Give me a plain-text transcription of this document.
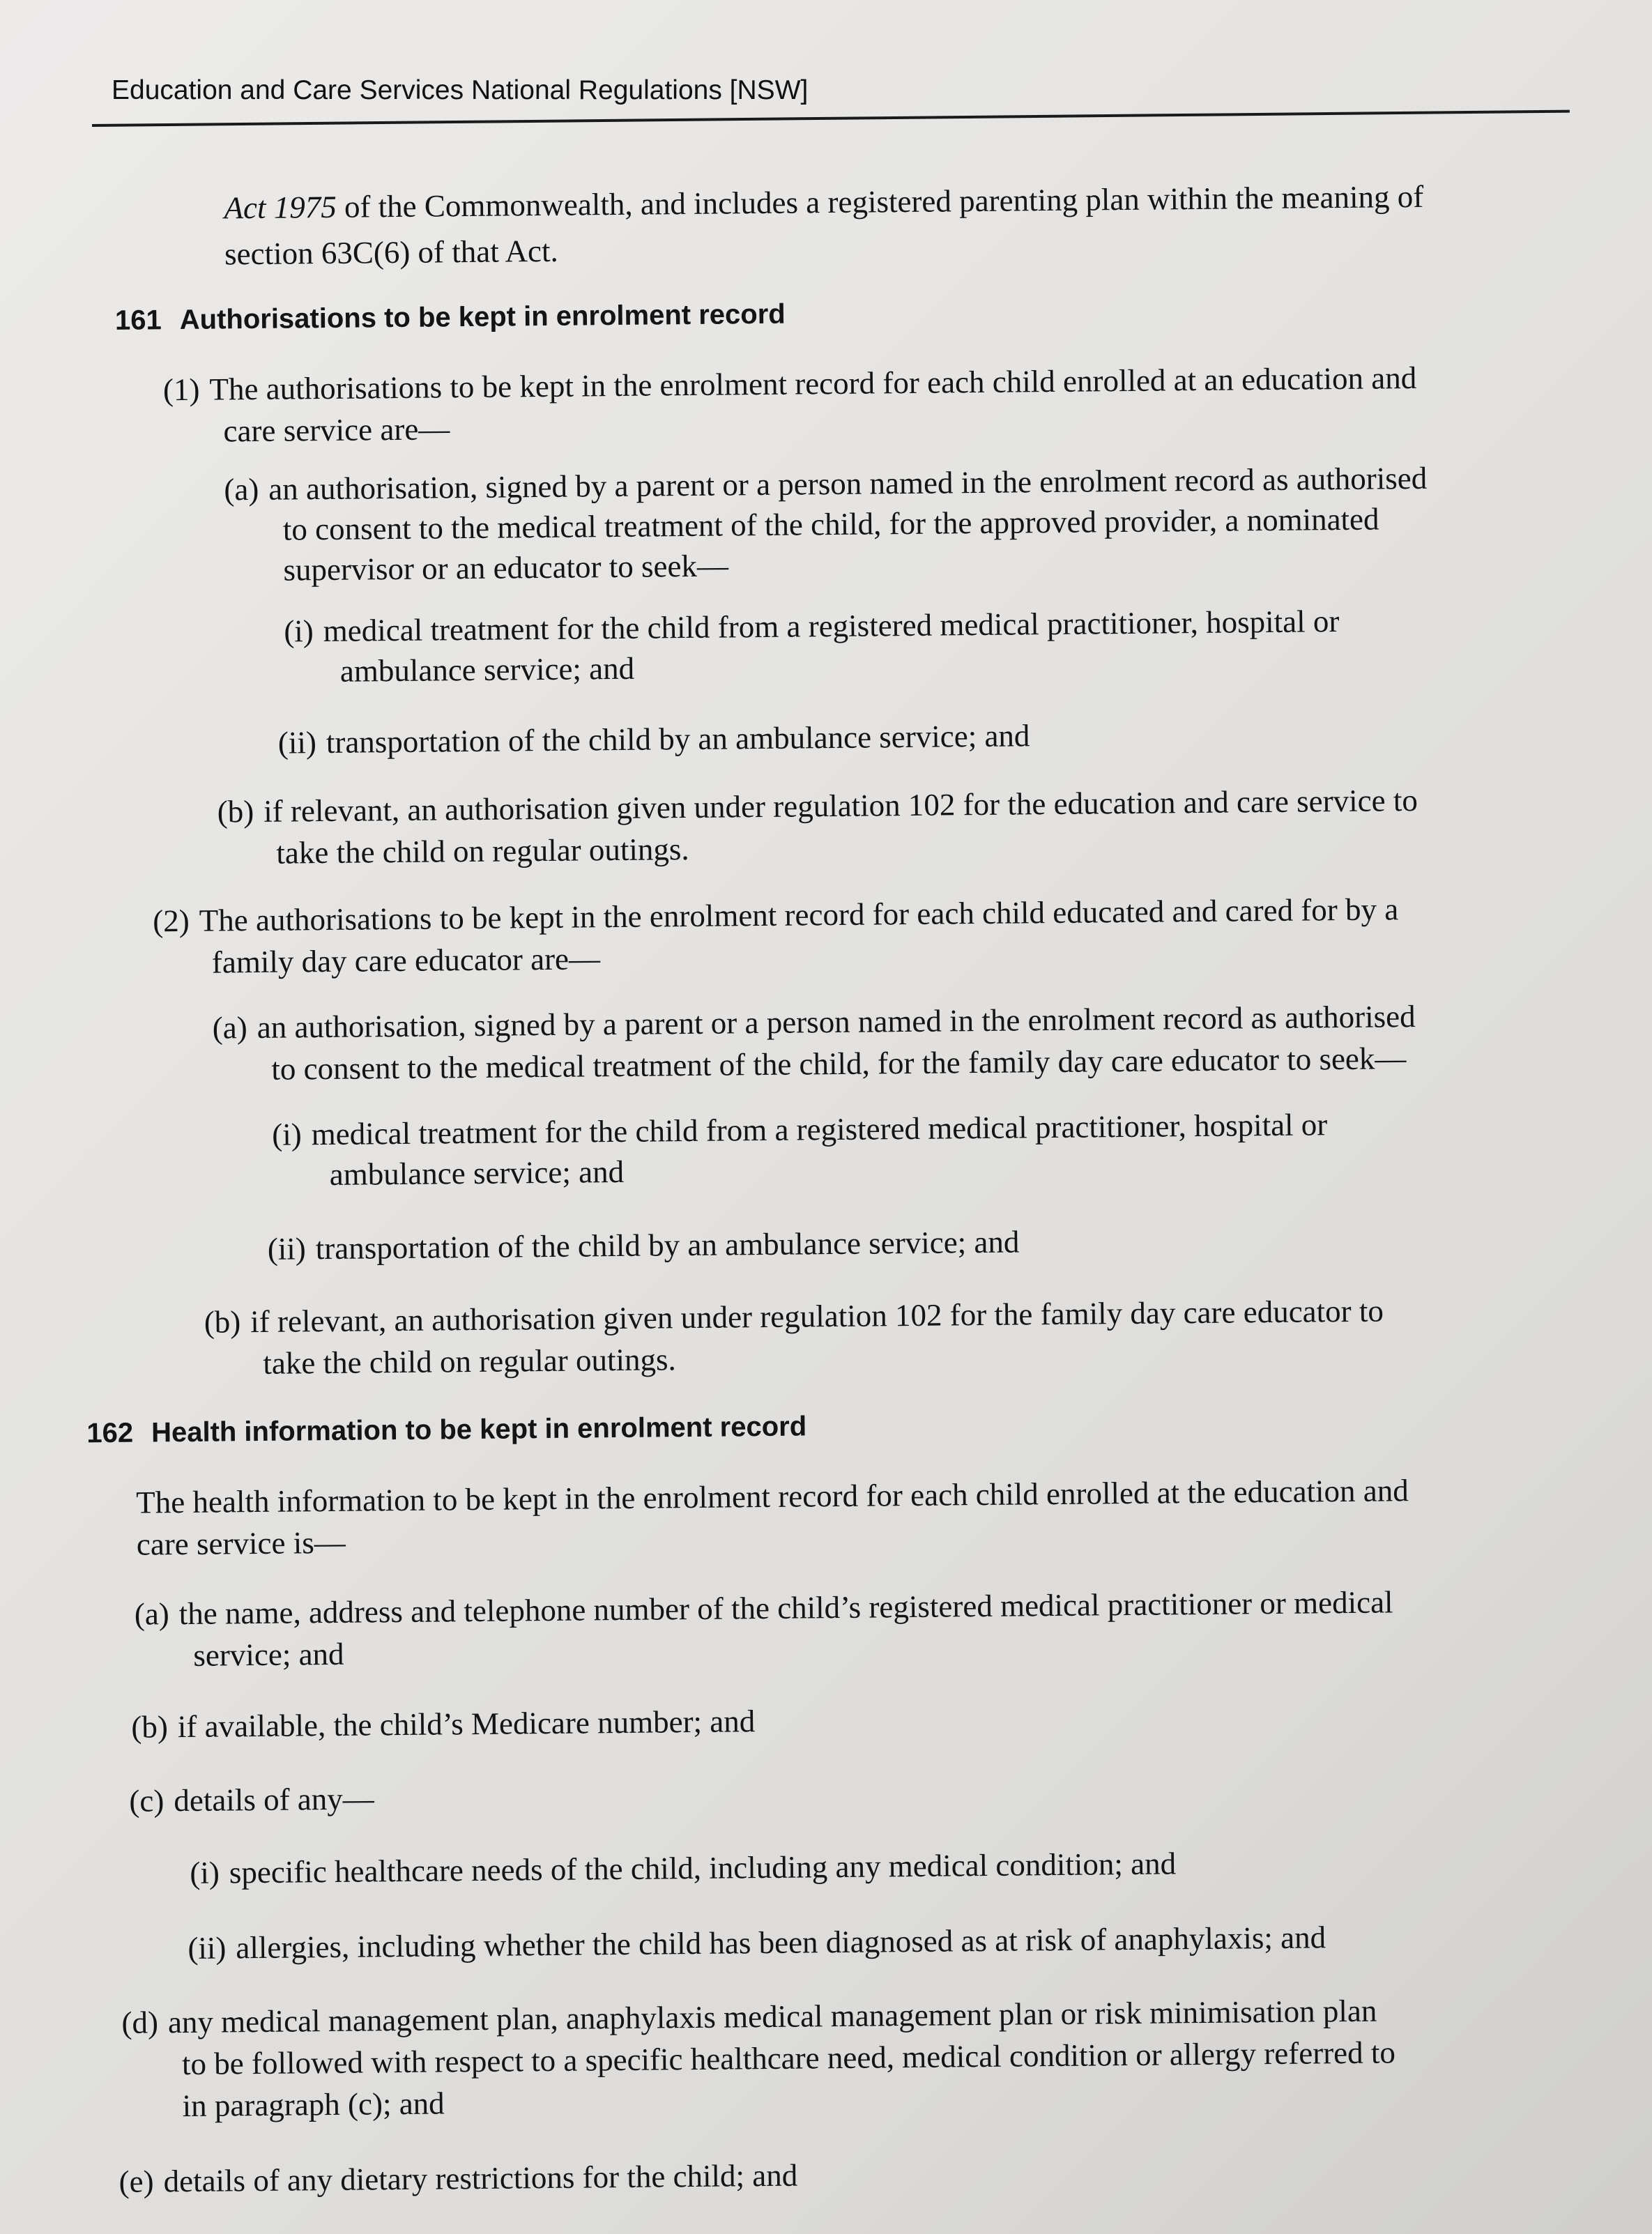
Education and Care Services National Regulations [NSW]
Act 1975 of the Commonwealth, and includes a registered parenting plan within the meaning of
section 63C(6) of that Act.
161 Authorisations to be kept in enrolment record
(1) The authorisations to be kept in the enrolment record for each child enrolled at an education and
care service are—
(a) an authorisation, signed by a parent or a person named in the enrolment record as authorised
to consent to the medical treatment of the child, for the approved provider, a nominated
supervisor or an educator to seek—
(i) medical treatment for the child from a registered medical practitioner, hospital or
ambulance service; and
(ii) transportation of the child by an ambulance service; and
(b) if relevant, an authorisation given under regulation 102 for the education and care service to
take the child on regular outings.
(2) The authorisations to be kept in the enrolment record for each child educated and cared for by a
family day care educator are—
(a) an authorisation, signed by a parent or a person named in the enrolment record as authorised
to consent to the medical treatment of the child, for the family day care educator to seek—
(i) medical treatment for the child from a registered medical practitioner, hospital or
ambulance service; and
(ii) transportation of the child by an ambulance service; and
(b) if relevant, an authorisation given under regulation 102 for the family day care educator to
take the child on regular outings.
162 Health information to be kept in enrolment record
The health information to be kept in the enrolment record for each child enrolled at the education and
care service is—
(a) the name, address and telephone number of the child’s registered medical practitioner or medical
service; and
(b) if available, the child’s Medicare number; and
(c) details of any—
(i) specific healthcare needs of the child, including any medical condition; and
(ii) allergies, including whether the child has been diagnosed as at risk of anaphylaxis; and
(d) any medical management plan, anaphylaxis medical management plan or risk minimisation plan
to be followed with respect to a specific healthcare need, medical condition or allergy referred to
in paragraph (c); and
(e) details of any dietary restrictions for the child; and
